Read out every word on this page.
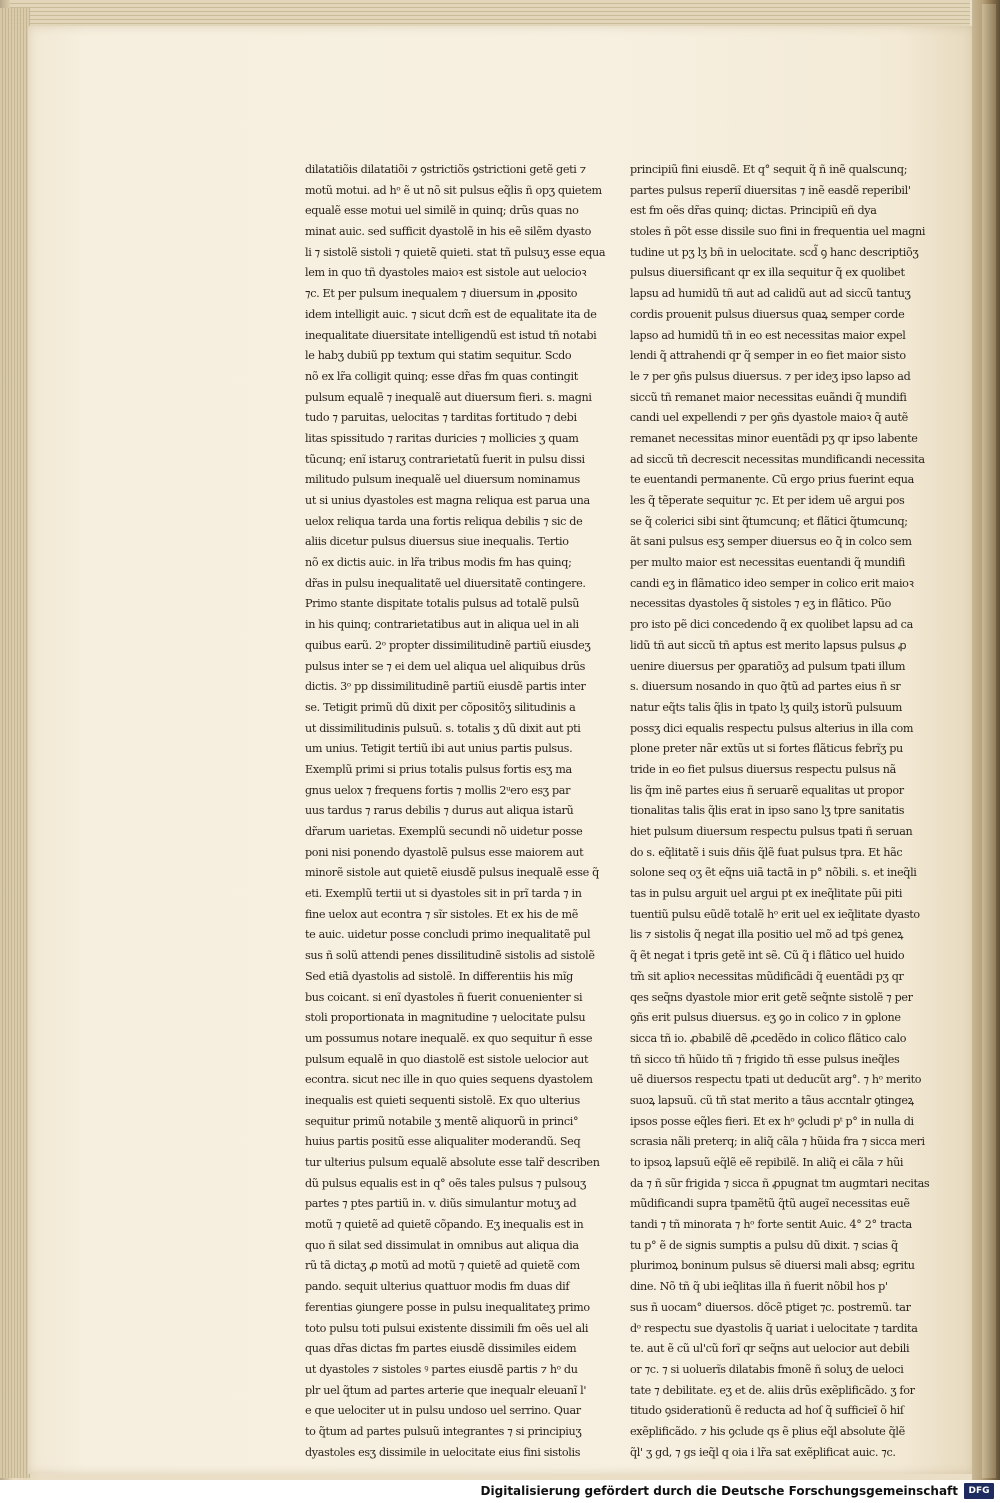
dilatatiõis dilatatiõi ⁊ ꝯstrictiõs ꝯstrictioni getẽ geti ⁊
motũ motui. ad hᵒ ẽ ut nõ sit pulsus eq̃lis ñ opʒ quietem
equalẽ esse motui uel similẽ in quinq; drũs quas no
minat auic. sed sufficit dyastolẽ in his eẽ silẽm dyasto
li ⁊ sistolẽ sistoli ⁊ quietẽ quieti. stat tñ pulsuʒ esse equa
lem in quo tñ dyastoles maioꝛ est sistole aut uelocioꝛ
⁊c. Et per pulsum inequalem ⁊ diuersum in ꝓposito
idem intelligit auic. ⁊ sicut dcm̃ est de equalitate ita de
inequalitate diuersitate intelligendũ est istud tñ notabi
le habʒ dubiũ pp textum qui statim sequitur. Scdo
nõ ex lr̃a colligit quinq; esse dr̃as fm quas contingit
pulsum equalẽ ⁊ inequalẽ aut diuersum fieri. s. magni
tudo ⁊ paruitas, uelocitas ⁊ tarditas fortitudo ⁊ debi
litas spissitudo ⁊ raritas duricies ⁊ mollicies ʒ quam
tũcunq; enĩ istaruʒ contrarietatũ fuerit in pulsu dissi
militudo pulsum inequalẽ uel diuersum nominamus
ut si unius dyastoles est magna reliqua est parua una
uelox reliqua tarda una fortis reliqua debilis ⁊ sic de
aliis dicetur pulsus diuersus siue inequalis. Tertio
nõ ex dictis auic. in lr̃a tribus modis fm has quinq;
dr̃as in pulsu inequalitatẽ uel diuersitatẽ contingere.
Primo stante dispitate totalis pulsus ad totalẽ pulsũ
in his quinq; contrarietatibus aut in aliqua uel in ali
quibus earũ. 2ᵒ propter dissimilitudinẽ partiũ eiusdeʒ
pulsus inter se ⁊ ei dem uel aliqua uel aliquibus drũs
dictis. 3ᵒ pp dissimilitudinẽ partiũ eiusdẽ partis inter
se. Tetigit primũ dũ dixit per cõpositõʒ silitudinis a
ut dissimilitudinis pulsuũ. s. totalis ʒ dũ dixit aut pti
um unius. Tetigit tertiũ ibi aut unius partis pulsus.
Exemplũ primi si prius totalis pulsus fortis esʒ ma
gnus uelox ⁊ frequens fortis ⁊ mollis 2ᵘero esʒ par
uus tardus ⁊ rarus debilis ⁊ durus aut aliqua istarũ
dr̃arum uarietas. Exemplũ secundi nõ uidetur posse
poni nisi ponendo dyastolẽ pulsus esse maiorem aut
minorẽ sistole aut quietẽ eiusdẽ pulsus inequalẽ esse q̃
eti. Exemplũ tertii ut si dyastoles sit in prĩ tarda ⁊ in
fine uelox aut econtra ⁊ sĩr sistoles. Et ex his de mẽ
te auic. uidetur posse concludi primo inequalitatẽ pul
sus ñ solũ attendi penes dissilitudinẽ sistolis ad sistolẽ
Sed etiã dyastolis ad sistolẽ. In differentiis his mĩg
bus coicant. si enĩ dyastoles ñ fuerit conuenienter si
stoli proportionata in magnitudine ⁊ uelocitate pulsu
um possumus notare inequalẽ. ex quo sequitur ñ esse
pulsum equalẽ in quo diastolẽ est sistole uelocior aut
econtra. sicut nec ille in quo quies sequens dyastolem
inequalis est quieti sequenti sistolẽ. Ex quo ulterius
sequitur primũ notabile ʒ mentẽ aliquorũ in princi°
huius partis positũ esse aliqualiter moderandũ. Seq
tur ulterius pulsum equalẽ absolute esse talr̃ describen
dũ pulsus equalis est in q° oẽs tales pulsus ⁊ pulsouʒ
partes ⁊ ptes partiũ in. v. diũs simulantur motuʒ ad
motũ ⁊ quietẽ ad quietẽ cõpando. Eʒ inequalis est in
quo ñ silat sed dissimulat in omnibus aut aliqua dia
rũ tã dictaʒ ꝓ motũ ad motũ ⁊ quietẽ ad quietẽ com
pando. sequit ulterius quattuor modis fm duas dif
ferentias ꝯiungere posse in pulsu inequalitateʒ primo
toto pulsu toti pulsui existente dissimili fm oẽs uel ali
quas dr̃as dictas fm partes eiusdẽ dissimiles eidem
ut dyastoles ⁊ sistoles ꝰ partes eiusdẽ partis ⁊ hᵒ du
plr uel q̃tum ad partes arterie que inequalr eleuanĩ l'
e que uelociter ut in pulsu undoso uel serrino. Quar
to q̃tum ad partes pulsuũ integrantes ⁊ si principiuʒ
dyastoles esʒ dissimile in uelocitate eius fini sistolis
principiũ fini eiusdẽ. Et q° sequit q̃ ñ inẽ qualscunq;
partes pulsus reperiĩ diuersitas ⁊ inẽ easdẽ reperibil'
est fm oẽs dr̃as quinq; dictas. Principiũ eñ dya
stoles ñ põt esse dissile suo fini in frequentia uel magni
tudine ut pʒ lʒ bñ in uelocitate. scd̃ ꝯ hanc descriptiõʒ
pulsus diuersificant qr ex illa sequitur q̃ ex quolibet
lapsu ad humidũ tñ aut ad calidũ aut ad siccũ tantuʒ
cordis prouenit pulsus diuersus quaꝝ semper corde
lapso ad humidũ tñ in eo est necessitas maior expel
lendi q̃ attrahendi qr q̃ semper in eo fiet maior sisto
le ⁊ per ꝯñs pulsus diuersus. ⁊ per ideʒ ipso lapso ad
siccũ tñ remanet maior necessitas euãndi q̃ mundifi
candi uel expellendi ⁊ per ꝯñs dyastole maioꝛ q̃ autẽ
remanet necessitas minor euentãdi pʒ qr ipso labente
ad siccũ tñ decrescit necessitas mundificandi necessita
te euentandi permanente. Cũ ergo prius fuerint equa
les q̃ tẽperate sequitur ⁊c. Et per idem uẽ argui pos
se q̃ colerici sibi sint q̃tumcunq; et flãtici q̃tumcunq;
ãt sani pulsus esʒ semper diuersus eo q̃ in colco sem
per multo maior est necessitas euentandi q̃ mundifi
candi eʒ in flãmatico ideo semper in colico erit maioꝛ
necessitas dyastoles q̃ sistoles ⁊ eʒ in flãtico. Pũo
pro isto pẽ dici concedendo q̃ ex quolibet lapsu ad ca
lidũ tñ aut siccũ tñ aptus est merito lapsus pulsus ꝓ
uenire diuersus per ꝯparatiõʒ ad pulsum tpati illum
s. diuersum nosando in quo q̃tũ ad partes eius ñ sr
natur eq̃ts talis q̃lis in tpato lʒ quilʒ istorũ pulsuum
possʒ dici equalis respectu pulsus alterius in illa com
plone preter nãr extũs ut si fortes flãticus febrĩʒ pu
tride in eo fiet pulsus diuersus respectu pulsus nã
lis q̃m inẽ partes eius ñ seruarẽ equalitas ut propor
tionalitas talis q̃lis erat in ipso sano lʒ tpre sanitatis
hiet pulsum diuersum respectu pulsus tpati ñ seruan
do s. eq̃litatẽ i suis dñis q̃lẽ fuat pulsus tpra. Et hãc
solone seq oʒ ẽt eq̃ns uiã tactã in p° nõbili. s. et ineq̃li
tas in pulsu arguit uel argui pt ex ineq̃litate pũi piti
tuentiũ pulsu eũdẽ totalẽ hᵒ erit uel ex ieq̃litate dyasto
lis ⁊ sistolis q̃ negat illa positio uel mõ ad tpṡ geneꝝ
q̃ ẽt negat i tpris getẽ int sẽ. Cũ q̃ i flãtico uel huido
tm̃ sit aplioꝛ necessitas mũdificãdi q̃ euentãdi pʒ qr
qes seq̃ns dyastole mior erit getẽ seq̃nte sistolẽ ⁊ per
ꝯñs erit pulsus diuersus. eʒ ꝯo in colico ⁊ in ꝯplone
sicca tñ io. ꝓbabilẽ dẽ ꝓcedẽdo in colico flãtico calo
tñ sicco tñ hũido tñ ⁊ frigido tñ esse pulsus ineq̃les
uẽ diuersos respectu tpati ut deducũt arg°. ⁊ hᵒ merito
suoꝝ lapsuũ. cũ tñ stat merito a tãus accntalr ꝯtingeꝝ
ipsos posse eq̃les fieri. Et ex hᵒ ꝯcludi pᵗ p° in nulla di
scrasia nãli preterq; in aliq̃ cãla ⁊ hũida fra ⁊ sicca meri
to ipsoꝝ lapsuũ eq̃lẽ eẽ repibilẽ. In aliq̃ ei cãla ⁊ hũi
da ⁊ ñ sũr frigida ⁊ sicca ñ ꝓpugnat tm augmtari necitas
mũdificandi supra tpamẽtũ q̃tũ augeĩ necessitas euẽ
tandi ⁊ tñ minorata ⁊ hᵒ forte sentit Auic. 4° 2° tracta
tu p° ẽ de signis sumptis a pulsu dũ dixit. ⁊ scias q̃
plurimoꝝ boninum pulsus sẽ diuersi mali absq; egritu
dine. Nõ tñ q̃ ubi ieq̃litas illa ñ fuerit nõbil hos p'
sus ñ uocam° diuersos. dõcẽ ptiget ⁊c. postremũ. tar
dᵒ respectu sue dyastolis q̃ uariat i uelocitate ⁊ tardita
te. aut ẽ cũ ul'cũ forĩ qr seq̃ns aut uelocior aut debili
or ⁊c. ⁊ si uoluerĩs dilatabis fmonẽ ñ soluʒ de ueloci
tate ⁊ debilitate. eʒ et de. aliis drũs exẽplificãdo. ʒ for
titudo ꝯsiderationũ ẽ reducta ad hoſ q̃ sufficieĩ õ hiſ
exẽplificãdo. ⁊ his ꝯclude qs ẽ plius eq̃l absolute q̃lẽ
q̃l' ʒ gd, ⁊ gs ieq̃l q oia i lr̃a sat exẽplificat auic. ⁊c.
Digitalisierung gefördert durch die Deutsche Forschungsgemeinschaft	DFG
